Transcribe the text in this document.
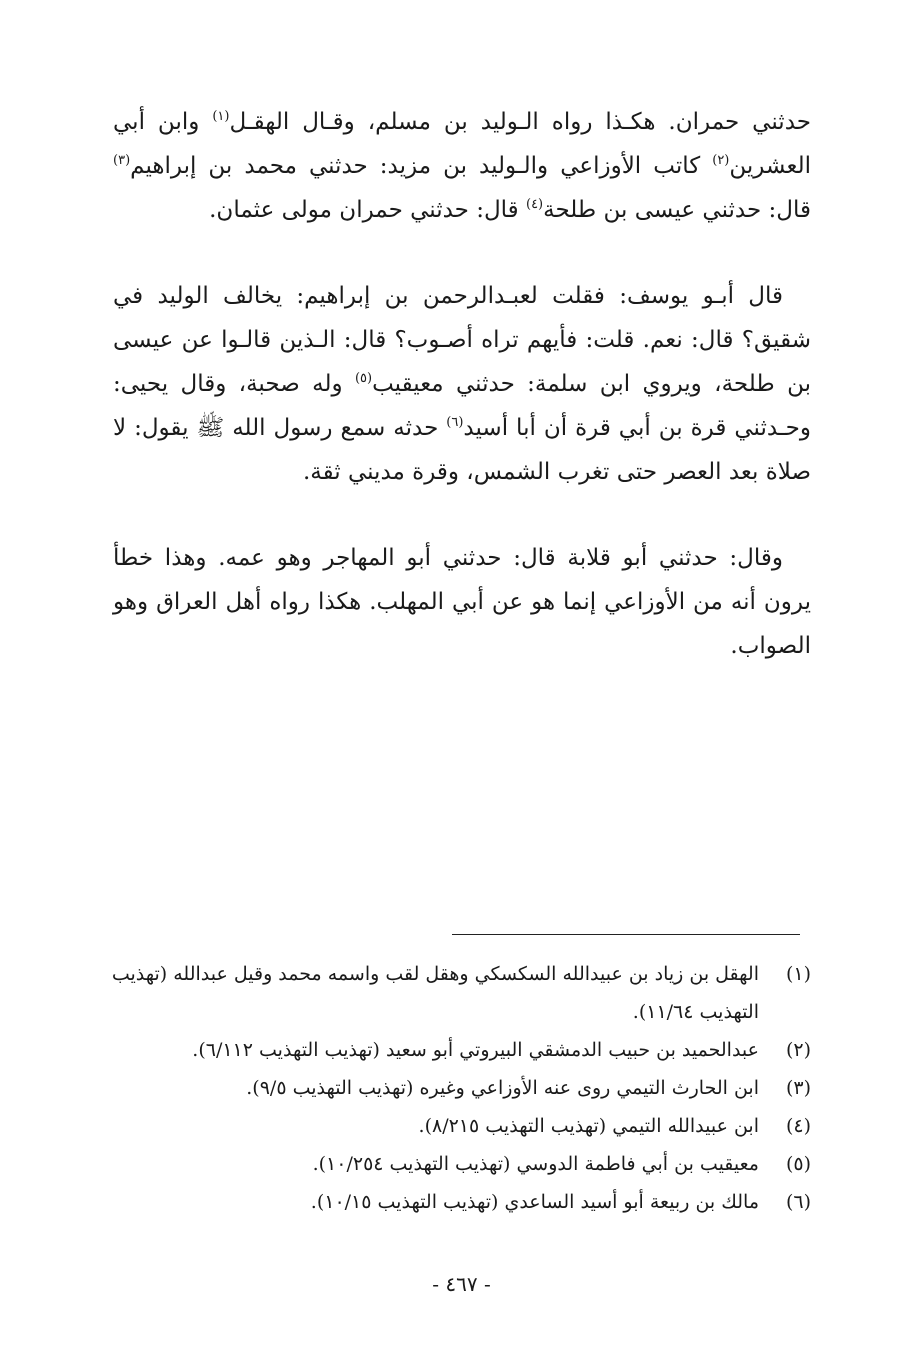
حدثني حمران. هكـذا رواه الـوليد بن مسلم، وقـال الهقـل$^{(١)}$ وابن أبي العشرين$^{(٢)}$ كاتب الأوزاعي والـوليد بن مزيد: حدثني محمد بن إبراهيم$^{(٣)}$ قال: حدثني عيسى بن طلحة$^{(٤)}$ قال: حدثني حمران مولى عثمان.

قال أبـو يوسف: فقلت لعبـدالرحمن بن إبراهيم: يخالف الوليد في شقيق؟ قال: نعم. قلت: فأيهم تراه أصـوب؟ قال: الـذين قالـوا عن عيسى بن طلحة، ويروي ابن سلمة: حدثني معيقيب$^{(٥)}$ وله صحبة، وقال يحيى: وحـدثني قرة بن أبي قرة أن أبا أسيد$^{(٦)}$ حدثه سمع رسول الله ﷺ يقول: لا صلاة بعد العصر حتى تغرب الشمس، وقرة مديني ثقة.

وقال: حدثني أبو قلابة قال: حدثني أبو المهاجر وهو عمه. وهذا خطأ يرون أنه من الأوزاعي إنما هو عن أبي المهلب. هكذا رواه أهل العراق وهو الصواب.

(١)
الهقل بن زياد بن عبيدالله السكسكي وهقل لقب واسمه محمد وقيل عبدالله (تهذيب التهذيب ١١/٦٤).

(٢)
عبدالحميد بن حبيب الدمشقي البيروتي أبو سعيد (تهذيب التهذيب ٦/١١٢).

(٣)
ابن الحارث التيمي روى عنه الأوزاعي وغيره (تهذيب التهذيب ٩/٥).

(٤)
ابن عبيدالله التيمي (تهذيب التهذيب ٨/٢١٥).

(٥)
معيقيب بن أبي فاطمة الدوسي (تهذيب التهذيب ١٠/٢٥٤).

(٦)
مالك بن ربيعة أبو أسيد الساعدي (تهذيب التهذيب ١٠/١٥).

- ٤٦٧ -
